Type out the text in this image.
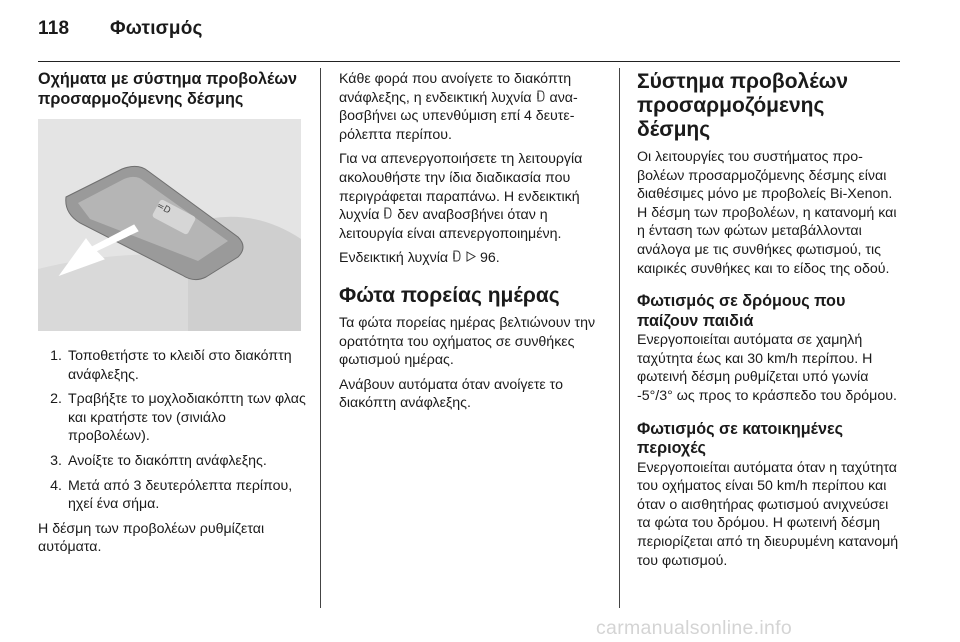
118 Φωτισμός
Οχήματα με σύστημα προβολέων προσαρμοζόμενης δέσμης
=D
1. Τοποθετήστε το κλειδί στο διακόπτη ανάφλεξης.
2. Τραβήξτε το μοχλοδιακόπτη των φλας και κρατήστε τον (σινιάλο προβολέων).
3. Ανοίξτε το διακόπτη ανάφλεξης.
4. Μετά από 3 δευτερόλεπτα περίπου, ηχεί ένα σήμα.

Η δέσμη των προβολέων ρυθμίζεται αυτόματα.

Κάθε φορά που ανοίγετε το διακόπτη ανάφλεξης, η ενδεικτική λυχνία  αναβοσβήνει ως υπενθύμιση επί 4 δευτερόλεπτα περίπου.

Για να απενεργοποιήσετε τη λειτουργία ακολουθήστε την ίδια διαδικασία που περιγράφεται παραπάνω. Η ενδεικτική λυχνία  δεν αναβοσβήνει όταν η λειτουργία είναι απενεργοποιημένη.

Ενδεικτική λυχνία   96.

Φώτα πορείας ημέρας

Τα φώτα πορείας ημέρας βελτιώνουν την ορατότητα του οχήματος σε συνθήκες φωτισμού ημέρας.

Ανάβουν αυτόματα όταν ανοίγετε το διακόπτη ανάφλεξης.

Σύστημα προβολέων προσαρμοζόμενης δέσμης

Οι λειτουργίες του συστήματος προβολέων προσαρμοζόμενης δέσμης είναι διαθέσιμες μόνο με προβολείς Bi-Xenon. Η δέσμη των προβολέων, η κατανομή και η ένταση των φώτων μεταβάλλονται ανάλογα με τις συνθήκες φωτισμού, τις καιρικές συνθήκες και το είδος της οδού.

Φωτισμός σε δρόμους που παίζουν παιδιά

Ενεργοποιείται αυτόματα σε χαμηλή ταχύτητα έως και 30 km/h περίπου. Η φωτεινή δέσμη ρυθμίζεται υπό γωνία -5°/3° ως προς το κράσπεδο του δρόμου.

Φωτισμός σε κατοικημένες περιοχές

Ενεργοποιείται αυτόματα όταν η ταχύτητα του οχήματος είναι 50 km/h περίπου και όταν ο αισθητήρας φωτισμού ανιχνεύσει τα φώτα του δρόμου. Η φωτεινή δέσμη περιορίζεται από τη διευρυμένη κατανομή του φωτισμού.

carmanualsonline.info
